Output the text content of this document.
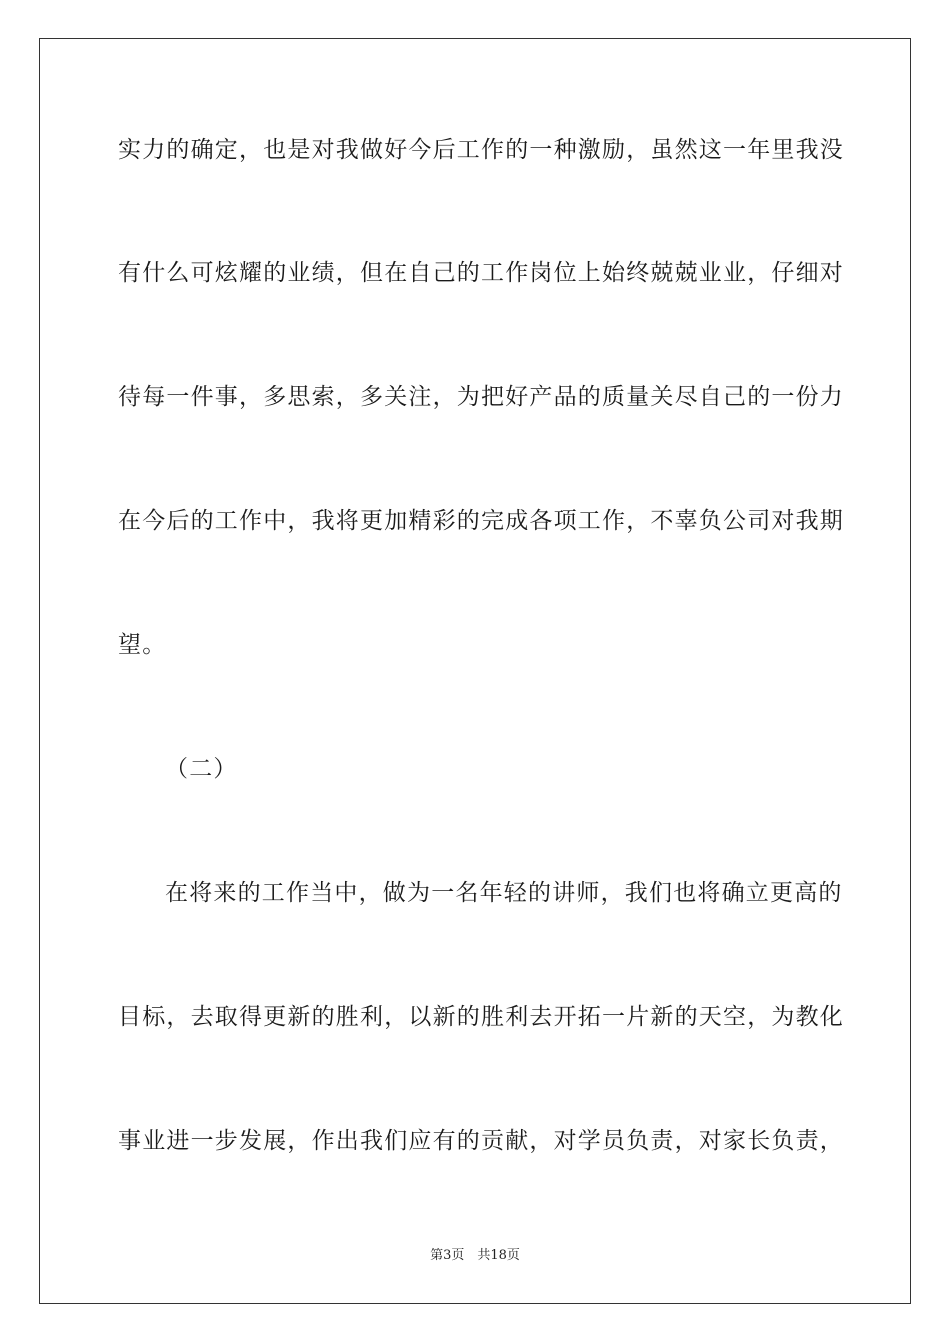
实力的确定，也是对我做好今后工作的一种激励，虽然这一年里我没
有什么可炫耀的业绩，但在自己的工作岗位上始终兢兢业业，仔细对
待每一件事，多思索，多关注，为把好产品的质量关尽自己的一份力
在今后的工作中，我将更加精彩的完成各项工作，不辜负公司对我期
望。
（二）
在将来的工作当中，做为一名年轻的讲师，我们也将确立更高的
目标，去取得更新的胜利，以新的胜利去开拓一片新的天空，为教化
事业进一步发展，作出我们应有的贡献，对学员负责，对家长负责，
第3页　共18页
